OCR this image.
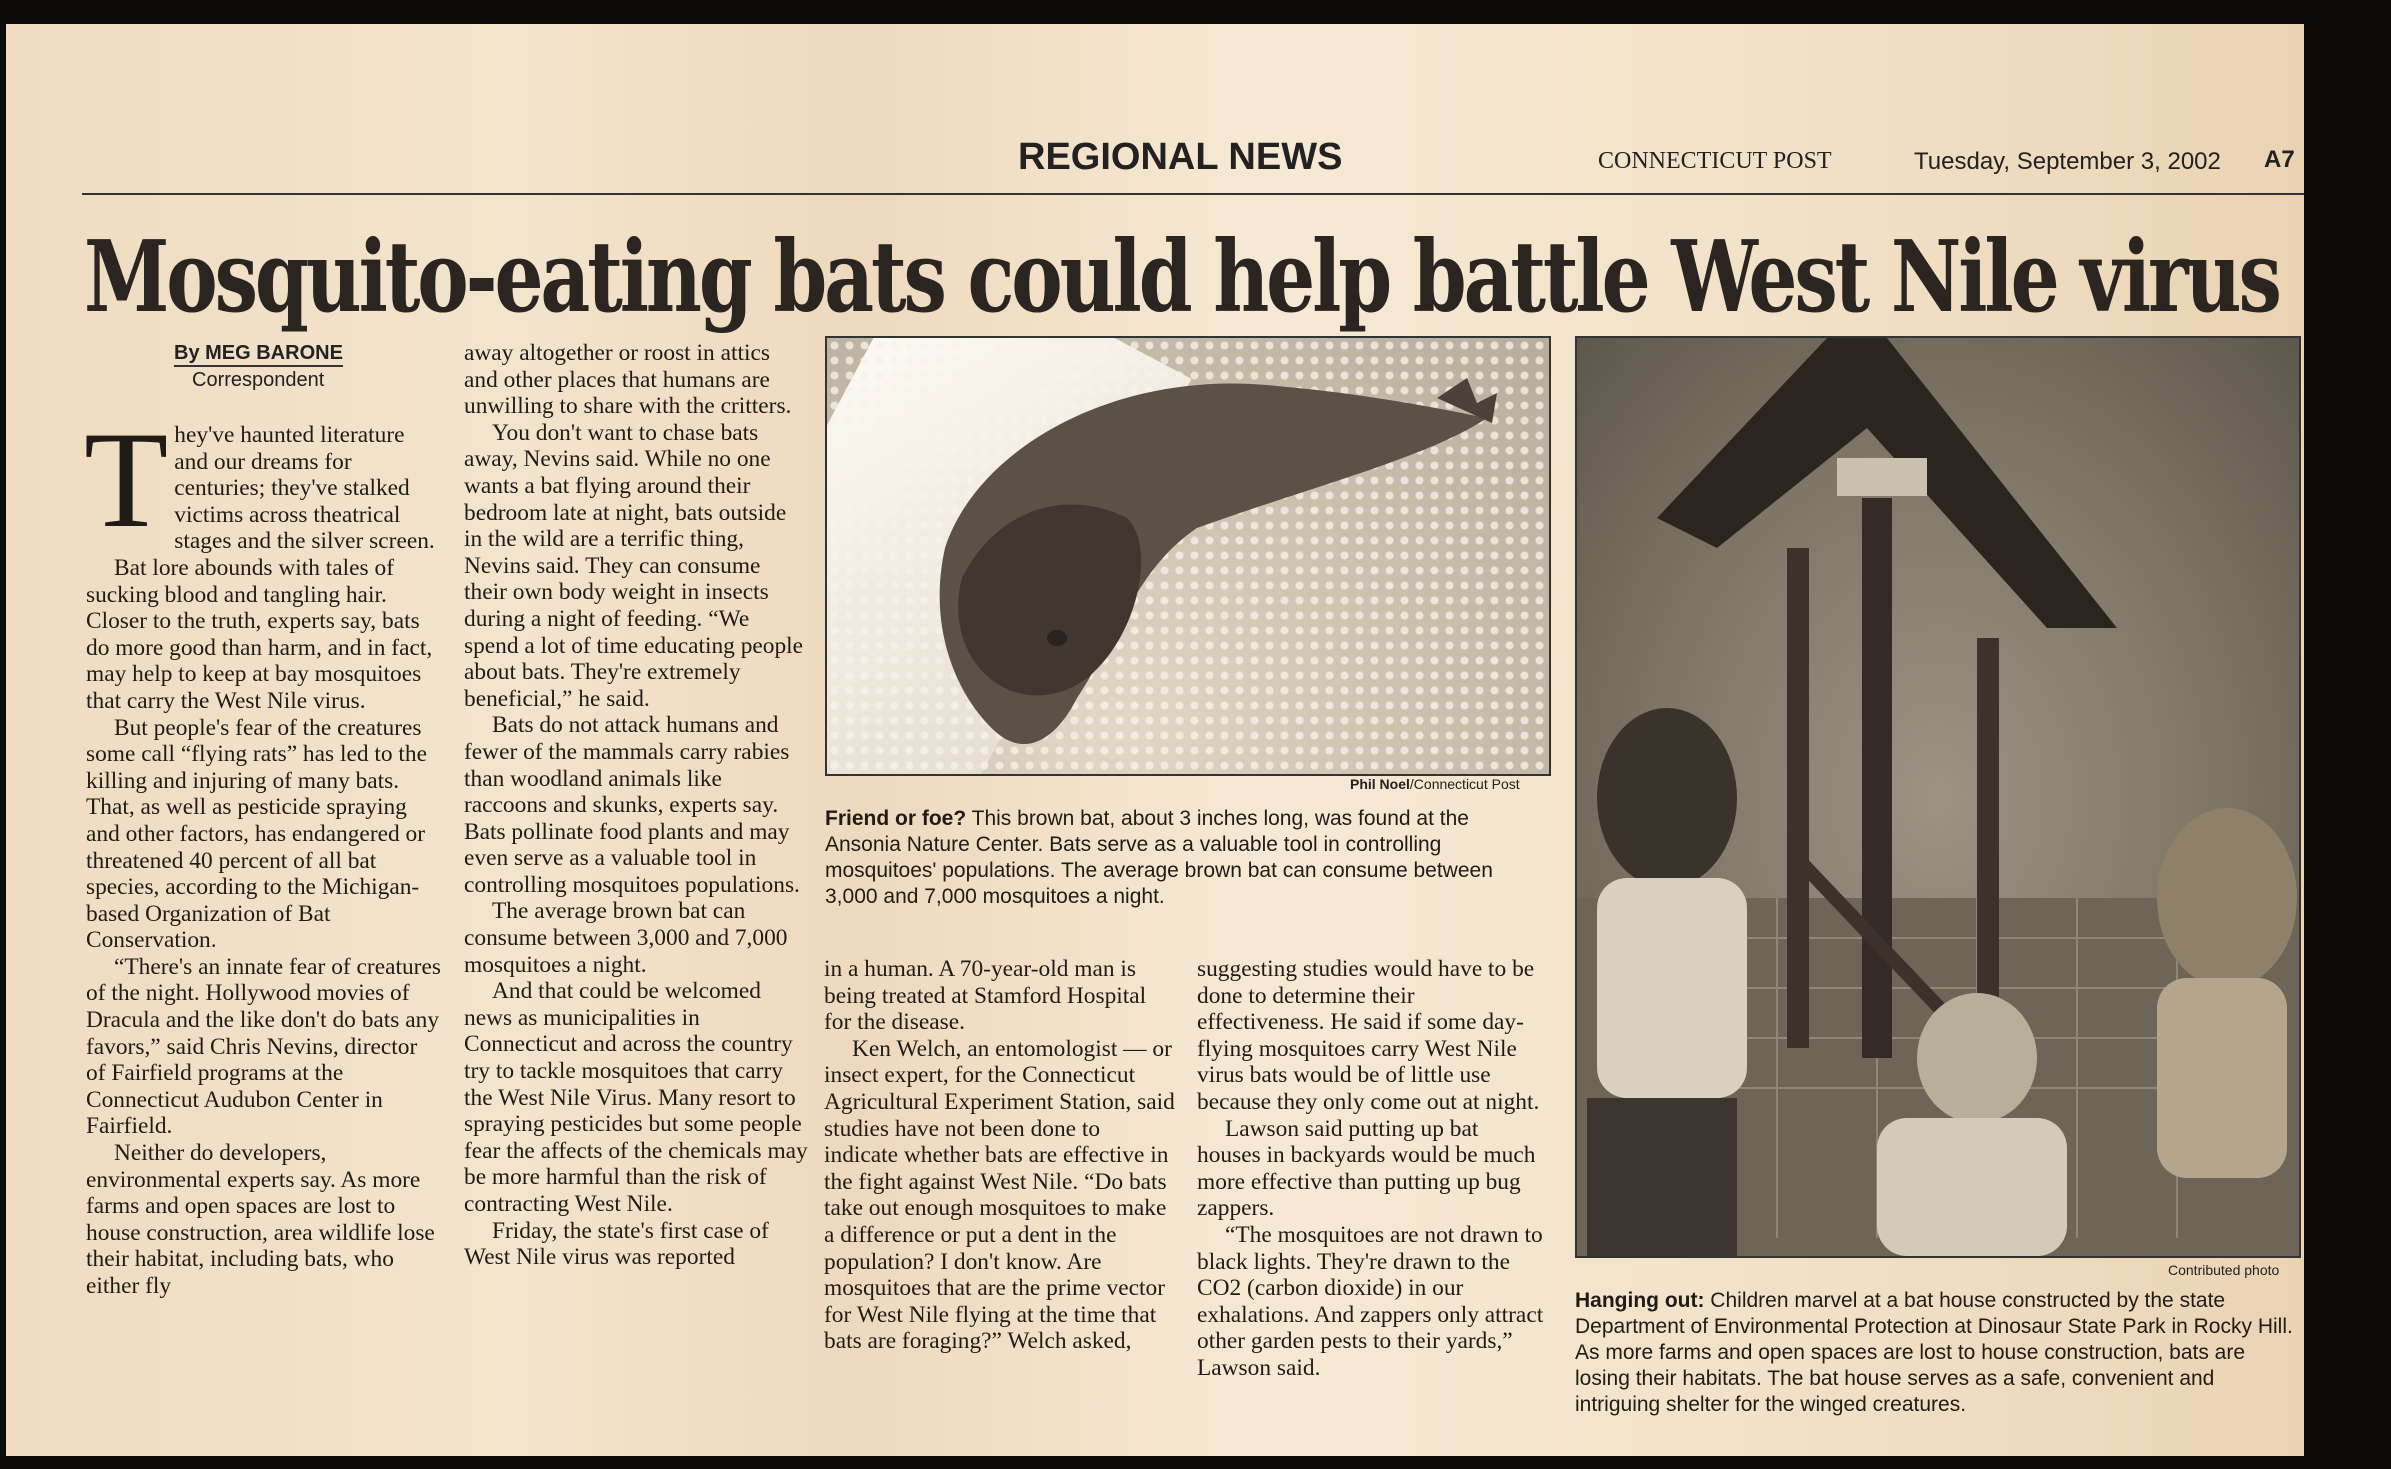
REGIONAL NEWS	CONNECTICUT POST	Tuesday, September 3, 2002 A7
Mosquito-eating bats could help battle West Nile virus
By MEG BARONE
Correspondent
T hey've haunted literature and our dreams for centuries; they've stalked victims across theatrical stages and the silver screen.

Bat lore abounds with tales of sucking blood and tangling hair. Closer to the truth, experts say, bats do more good than harm, and in fact, may help to keep at bay mosquitoes that carry the West Nile virus.

But people's fear of the creatures some call “flying rats” has led to the killing and injuring of many bats. That, as well as pesticide spraying and other factors, has endangered or threatened 40 percent of all bat species, according to the Michigan-based Organization of Bat Conservation.

“There's an innate fear of creatures of the night. Hollywood movies of Dracula and the like don't do bats any favors,” said Chris Nevins, director of Fairfield programs at the Connecticut Audubon Center in Fairfield.

Neither do developers, environmental experts say. As more farms and open spaces are lost to house construction, area wildlife lose their habitat, including bats, who either fly

away altogether or roost in attics and other places that humans are unwilling to share with the critters.

You don't want to chase bats away, Nevins said. While no one wants a bat flying around their bedroom late at night, bats outside in the wild are a terrific thing, Nevins said. They can consume their own body weight in insects during a night of feeding. “We spend a lot of time educating people about bats. They're extremely beneficial,” he said.

Bats do not attack humans and fewer of the mammals carry rabies than woodland animals like raccoons and skunks, experts say. Bats pollinate food plants and may even serve as a valuable tool in controlling mosquitoes populations.

The average brown bat can consume between 3,000 and 7,000 mosquitoes a night.

And that could be welcomed news as municipalities in Connecticut and across the country try to tackle mosquitoes that carry the West Nile Virus. Many resort to spraying pesticides but some people fear the affects of the chemicals may be more harmful than the risk of contracting West Nile.

Friday, the state's first case of West Nile virus was reported

Phil Noel/Connecticut Post
Friend or foe? This brown bat, about 3 inches long, was found at the Ansonia Nature Center. Bats serve as a valuable tool in controlling mosquitoes' populations. The average brown bat can consume between 3,000 and 7,000 mosquitoes a night.

in a human. A 70-year-old man is being treated at Stamford Hospital for the disease.

Ken Welch, an entomologist — or insect expert, for the Connecticut Agricultural Experiment Station, said studies have not been done to indicate whether bats are effective in the fight against West Nile. “Do bats take out enough mosquitoes to make a difference or put a dent in the population? I don't know. Are mosquitoes that are the prime vector for West Nile flying at the time that bats are foraging?” Welch asked,

suggesting studies would have to be done to determine their effectiveness. He said if some day-flying mosquitoes carry West Nile virus bats would be of little use because they only come out at night.

Lawson said putting up bat houses in backyards would be much more effective than putting up bug zappers.

“The mosquitoes are not drawn to black lights. They're drawn to the CO2 (carbon dioxide) in our exhalations. And zappers only attract other garden pests to their yards,” Lawson said.

Contributed photo
Hanging out: Children marvel at a bat house constructed by the state Department of Environmental Protection at Dinosaur State Park in Rocky Hill. As more farms and open spaces are lost to house construction, bats are losing their habitats. The bat house serves as a safe, convenient and intriguing shelter for the winged creatures.
